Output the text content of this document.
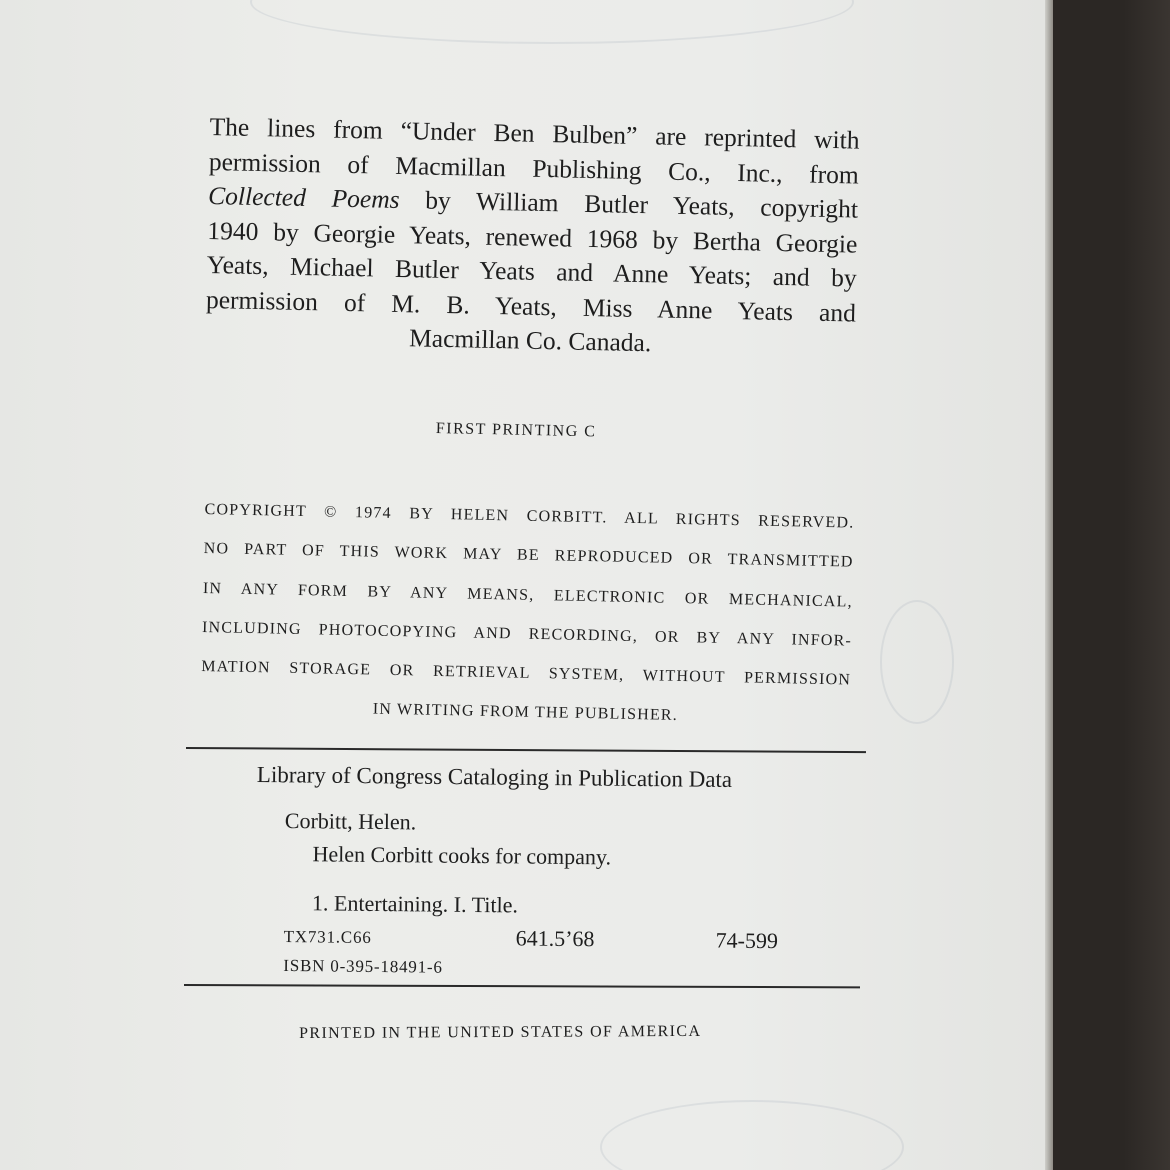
The lines from “Under Ben Bulben” are reprinted with
permission of Macmillan Publishing Co., Inc., from
Collected Poems by William Butler Yeats, copyright
1940 by Georgie Yeats, renewed 1968 by Bertha Georgie
Yeats, Michael Butler Yeats and Anne Yeats; and by
permission of M. B. Yeats, Miss Anne Yeats and
Macmillan Co. Canada.
FIRST PRINTING C
COPYRIGHT © 1974 BY HELEN CORBITT. ALL RIGHTS RESERVED.
NO PART OF THIS WORK MAY BE REPRODUCED OR TRANSMITTED
IN ANY FORM BY ANY MEANS, ELECTRONIC OR MECHANICAL,
INCLUDING PHOTOCOPYING AND RECORDING, OR BY ANY INFOR-
MATION STORAGE OR RETRIEVAL SYSTEM, WITHOUT PERMISSION
IN WRITING FROM THE PUBLISHER.
Library of Congress Cataloging in Publication Data
Corbitt, Helen.
Helen Corbitt cooks for company.
1. Entertaining. I. Title.
TX731.C66	641.5’68	74-599
ISBN 0-395-18491-6
PRINTED IN THE UNITED STATES OF AMERICA
